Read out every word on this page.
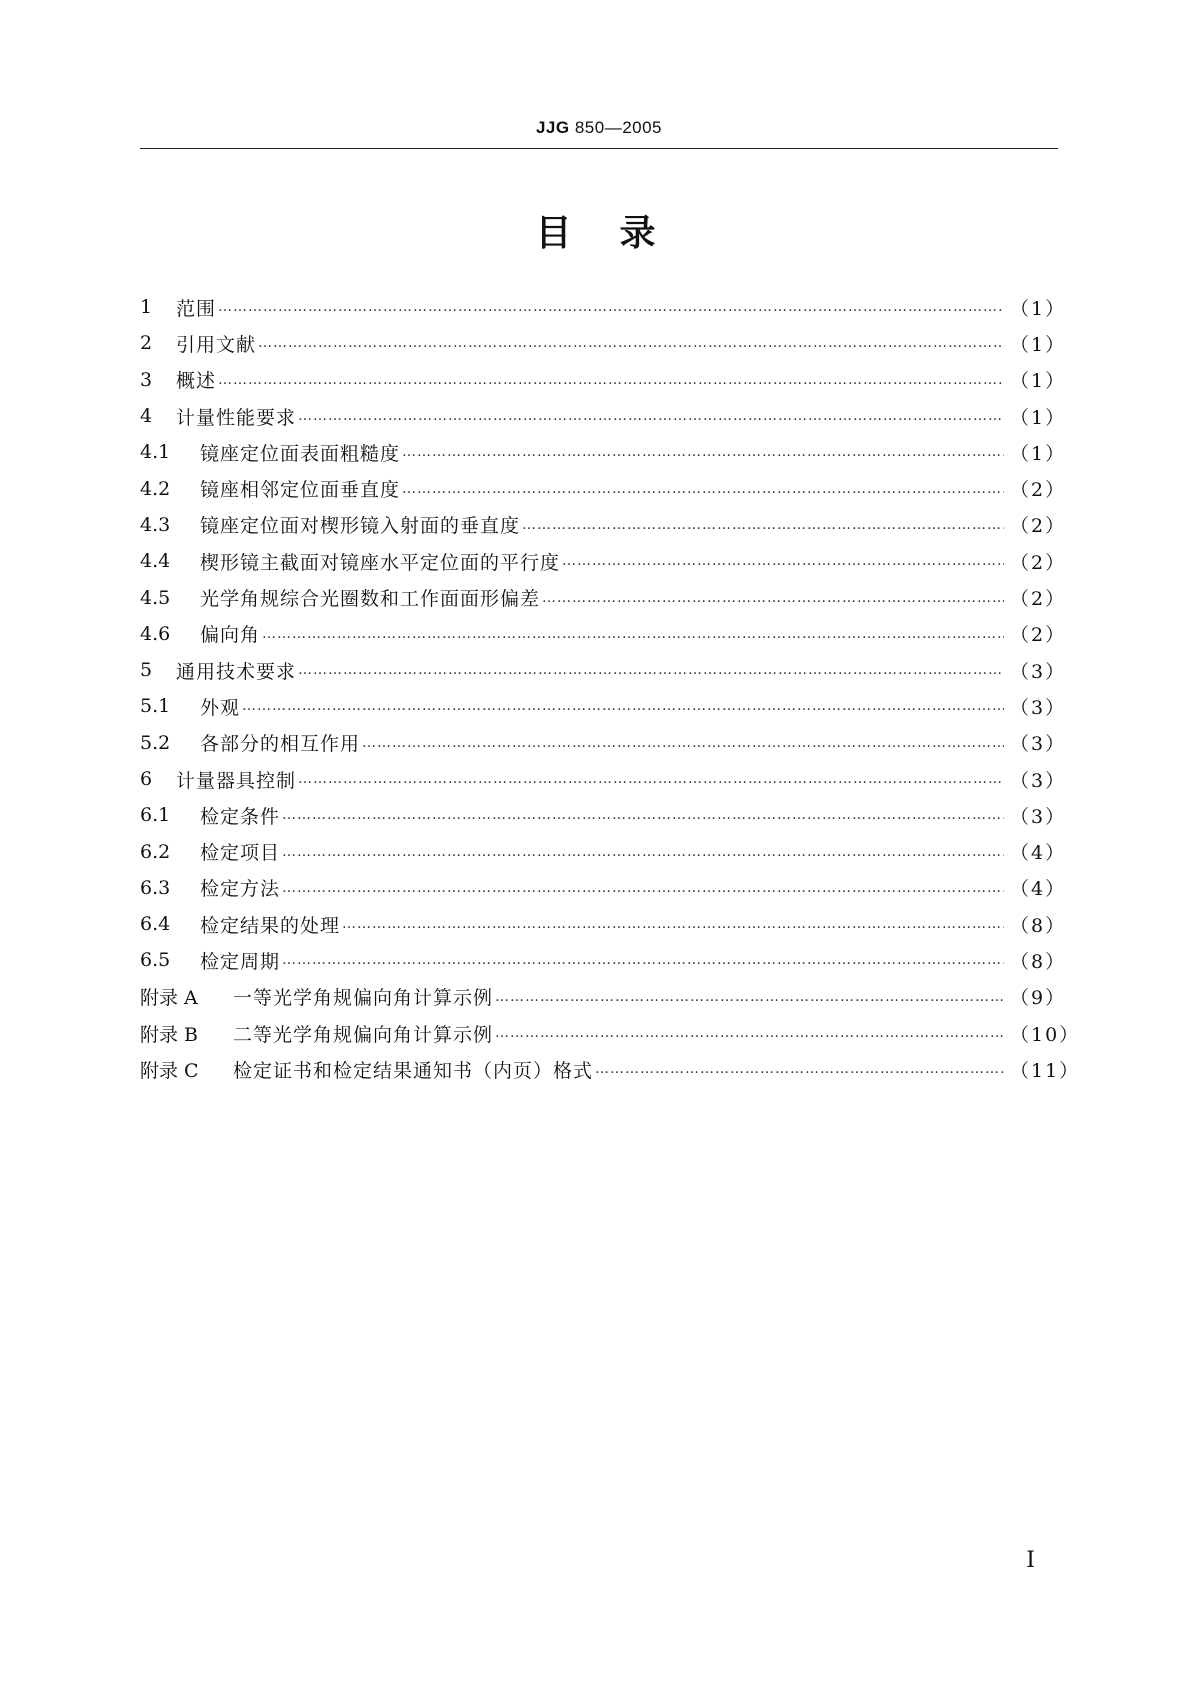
JJG 850—2005
目录
1	范围 …………………………………………………………………………………………………………………………………………………………………………………………………………………………	（1）
2	引用文献 …………………………………………………………………………………………………………………………………………………………………………………………………………………………	（1）
3	概述 …………………………………………………………………………………………………………………………………………………………………………………………………………………………	（1）
4	计量性能要求 …………………………………………………………………………………………………………………………………………………………………………………………………………………………	（1）
4.1	镜座定位面表面粗糙度 …………………………………………………………………………………………………………………………………………………………………………………………………………………………	（1）
4.2	镜座相邻定位面垂直度 …………………………………………………………………………………………………………………………………………………………………………………………………………………………	（2）
4.3	镜座定位面对楔形镜入射面的垂直度 …………………………………………………………………………………………………………………………………………………………………………………………………………………………	（2）
4.4	楔形镜主截面对镜座水平定位面的平行度 …………………………………………………………………………………………………………………………………………………………………………………………………………………………	（2）
4.5	光学角规综合光圈数和工作面面形偏差 …………………………………………………………………………………………………………………………………………………………………………………………………………………………	（2）
4.6	偏向角 …………………………………………………………………………………………………………………………………………………………………………………………………………………………	（2）
5	通用技术要求 …………………………………………………………………………………………………………………………………………………………………………………………………………………………	（3）
5.1	外观 …………………………………………………………………………………………………………………………………………………………………………………………………………………………	（3）
5.2	各部分的相互作用 …………………………………………………………………………………………………………………………………………………………………………………………………………………………	（3）
6	计量器具控制 …………………………………………………………………………………………………………………………………………………………………………………………………………………………	（3）
6.1	检定条件 …………………………………………………………………………………………………………………………………………………………………………………………………………………………	（3）
6.2	检定项目 …………………………………………………………………………………………………………………………………………………………………………………………………………………………	（4）
6.3	检定方法 …………………………………………………………………………………………………………………………………………………………………………………………………………………………	（4）
6.4	检定结果的处理 …………………………………………………………………………………………………………………………………………………………………………………………………………………………	（8）
6.5	检定周期 …………………………………………………………………………………………………………………………………………………………………………………………………………………………	（8）
附录 A	一等光学角规偏向角计算示例 …………………………………………………………………………………………………………………………………………………………………………………………………………………………	（9）
附录 B	二等光学角规偏向角计算示例 …………………………………………………………………………………………………………………………………………………………………………………………………………………………	（10）
附录 C	检定证书和检定结果通知书（内页）格式 …………………………………………………………………………………………………………………………………………………………………………………………………………………………	（11）
I
